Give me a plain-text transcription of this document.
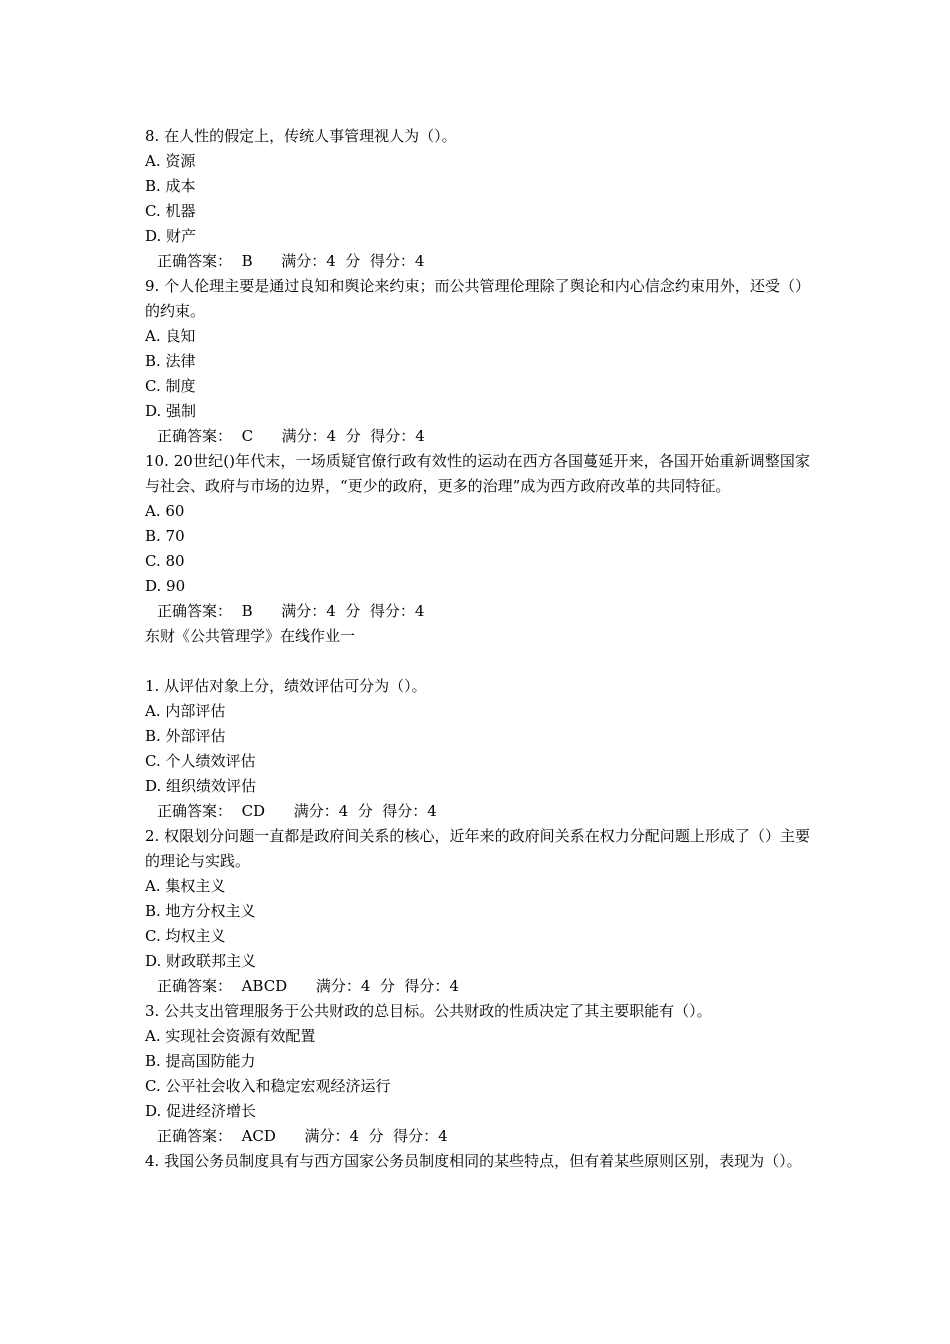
8. 在人性的假定上，传统人事管理视人为（）。
A. 资源
B. 成本
C. 机器
D. 财产
正确答案： B 满分：4  分  得分：4
9. 个人伦理主要是通过良知和舆论来约束；而公共管理伦理除了舆论和内心信念约束用外，还受（）的约束。
A. 良知
B. 法律
C. 制度
D. 强制
正确答案： C 满分：4  分  得分：4
10. 20世纪()年代末，一场质疑官僚行政有效性的运动在西方各国蔓延开来，各国开始重新调整国家与社会、政府与市场的边界，“更少的政府，更多的治理”成为西方政府改革的共同特征。
A. 60
B. 70
C. 80
D. 90
正确答案： B 满分：4  分  得分：4
东财《公共管理学》在线作业一
1. 从评估对象上分，绩效评估可分为（）。
A. 内部评估
B. 外部评估
C. 个人绩效评估
D. 组织绩效评估
正确答案： CD 满分：4  分  得分：4
2. 权限划分问题一直都是政府间关系的核心，近年来的政府间关系在权力分配问题上形成了（）主要的理论与实践。
A. 集权主义
B. 地方分权主义
C. 均权主义
D. 财政联邦主义
正确答案： ABCD 满分：4  分  得分：4
3. 公共支出管理服务于公共财政的总目标。公共财政的性质决定了其主要职能有（）。
A. 实现社会资源有效配置
B. 提高国防能力
C. 公平社会收入和稳定宏观经济运行
D. 促进经济增长
正确答案： ACD 满分：4  分  得分：4
4. 我国公务员制度具有与西方国家公务员制度相同的某些特点，但有着某些原则区别，表现为（）。
